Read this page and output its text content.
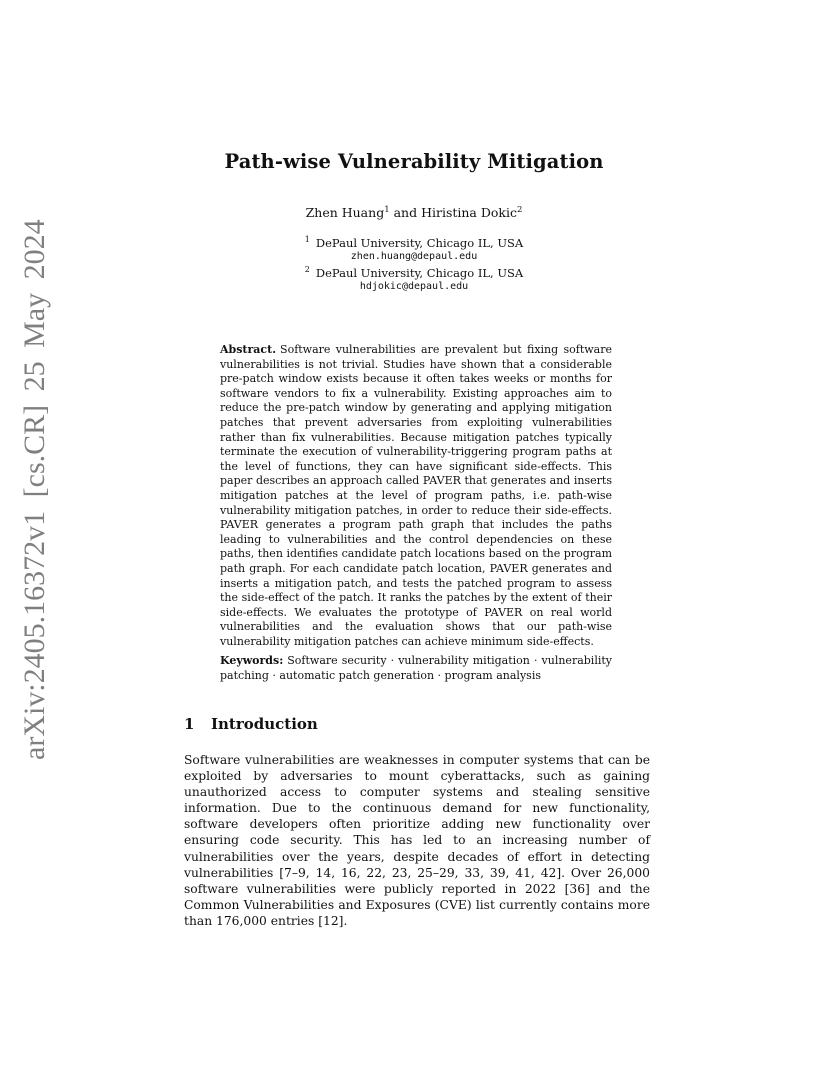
arXiv:2405.16372v1 [cs.CR] 25 May 2024
Path-wise Vulnerability Mitigation
Zhen Huang$^1$ and Hiristina Dokic$^2$
$^1$ DePaul University, Chicago IL, USA
zhen.huang@depaul.edu
$^2$ DePaul University, Chicago IL, USA
hdjokic@depaul.edu
Abstract. Software vulnerabilities are prevalent but fixing software vulnerabilities is not trivial. Studies have shown that a considerable pre-patch window exists because it often takes weeks or months for software vendors to fix a vulnerability. Existing approaches aim to reduce the pre-patch window by generating and applying mitigation patches that prevent adversaries from exploiting vulnerabilities rather than fix vulnerabilities. Because mitigation patches typically terminate the execution of vulnerability-triggering program paths at the level of functions, they can have significant side-effects. This paper describes an approach called PAVER that generates and inserts mitigation patches at the level of program paths, i.e. path-wise vulnerability mitigation patches, in order to reduce their side-effects. PAVER generates a program path graph that includes the paths leading to vulnerabilities and the control dependencies on these paths, then identifies candidate patch locations based on the program path graph. For each candidate patch location, PAVER generates and inserts a mitigation patch, and tests the patched program to assess the side-effect of the patch. It ranks the patches by the extent of their side-effects. We evaluates the prototype of PAVER on real world vulnerabilities and the evaluation shows that our path-wise vulnerability mitigation patches can achieve minimum side-effects.
Keywords: Software security · vulnerability mitigation · vulnerability patching · automatic patch generation · program analysis
1 Introduction
Software vulnerabilities are weaknesses in computer systems that can be exploited by adversaries to mount cyberattacks, such as gaining unauthorized access to computer systems and stealing sensitive information. Due to the continuous demand for new functionality, software developers often prioritize adding new functionality over ensuring code security. This has led to an increasing number of vulnerabilities over the years, despite decades of effort in detecting vulnerabilities [7–9, 14, 16, 22, 23, 25–29, 33, 39, 41, 42]. Over 26,000 software vulnerabilities were publicly reported in 2022 [36] and the Common Vulnerabilities and Exposures (CVE) list currently contains more than 176,000 entries [12].
